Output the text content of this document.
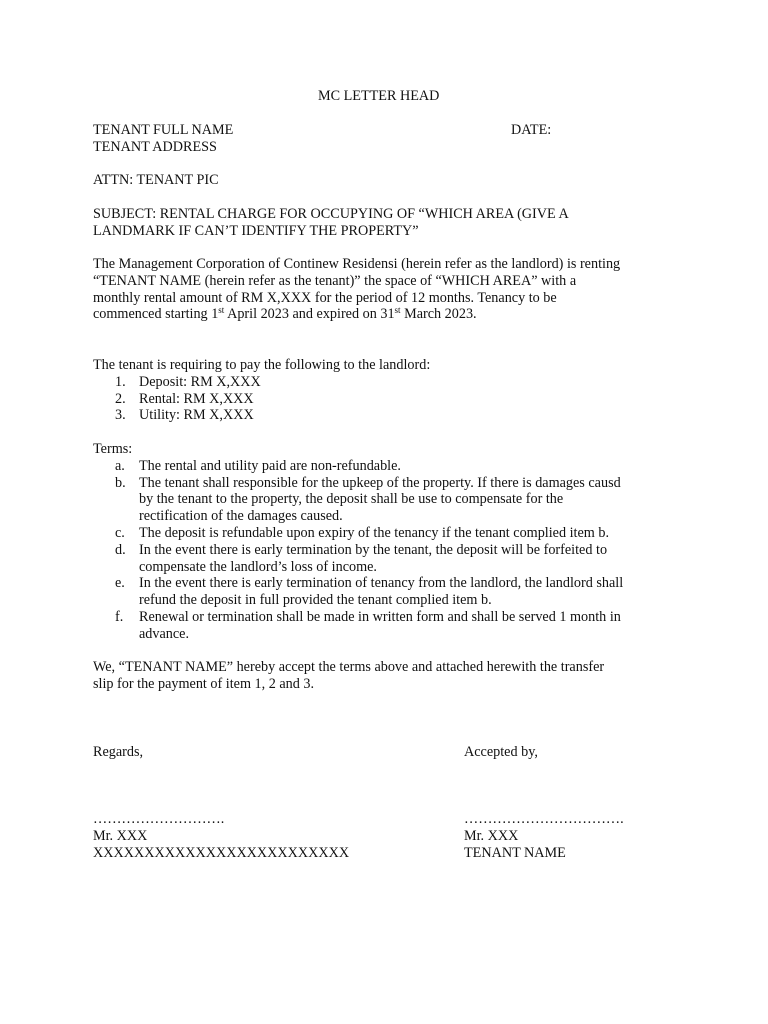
MC LETTER HEAD

TENANT FULL NAME	DATE:

TENANT ADDRESS

ATTN: TENANT PIC

SUBJECT: RENTAL CHARGE FOR OCCUPYING OF “WHICH AREA (GIVE A
LANDMARK IF CAN’T IDENTIFY THE PROPERTY”
The Management Corporation of Continew Residensi (herein refer as the landlord) is renting
“TENANT NAME (herein refer as the tenant)” the space of “WHICH AREA” with a
monthly rental amount of RM X,XXX for the period of 12 months. Tenancy to be
commenced starting 1st April 2023 and expired on 31st March 2023.
The tenant is requiring to pay the following to the landlord:
1. Deposit: RM X,XXX
2. Rental: RM X,XXX
3. Utility: RM X,XXX
Terms:
a. The rental and utility paid are non-refundable.
b. The tenant shall responsible for the upkeep of the property. If there is damages causd
by the tenant to the property, the deposit shall be use to compensate for the
rectification of the damages caused.
c. The deposit is refundable upon expiry of the tenancy if the tenant complied item b.
d. In the event there is early termination by the tenant, the deposit will be forfeited to
compensate the landlord’s loss of income.
e. In the event there is early termination of tenancy from the landlord, the landlord shall
refund the deposit in full provided the tenant complied item b.
f. Renewal or termination shall be made in written form and shall be served 1 month in
advance.
We, “TENANT NAME” hereby accept the terms above and attached herewith the transfer
slip for the payment of item 1, 2 and 3.

Regards,	Accepted by,

……………………….
Mr. XXX
XXXXXXXXXXXXXXXXXXXXXXXXX
…………………………….
Mr. XXX
TENANT NAME
